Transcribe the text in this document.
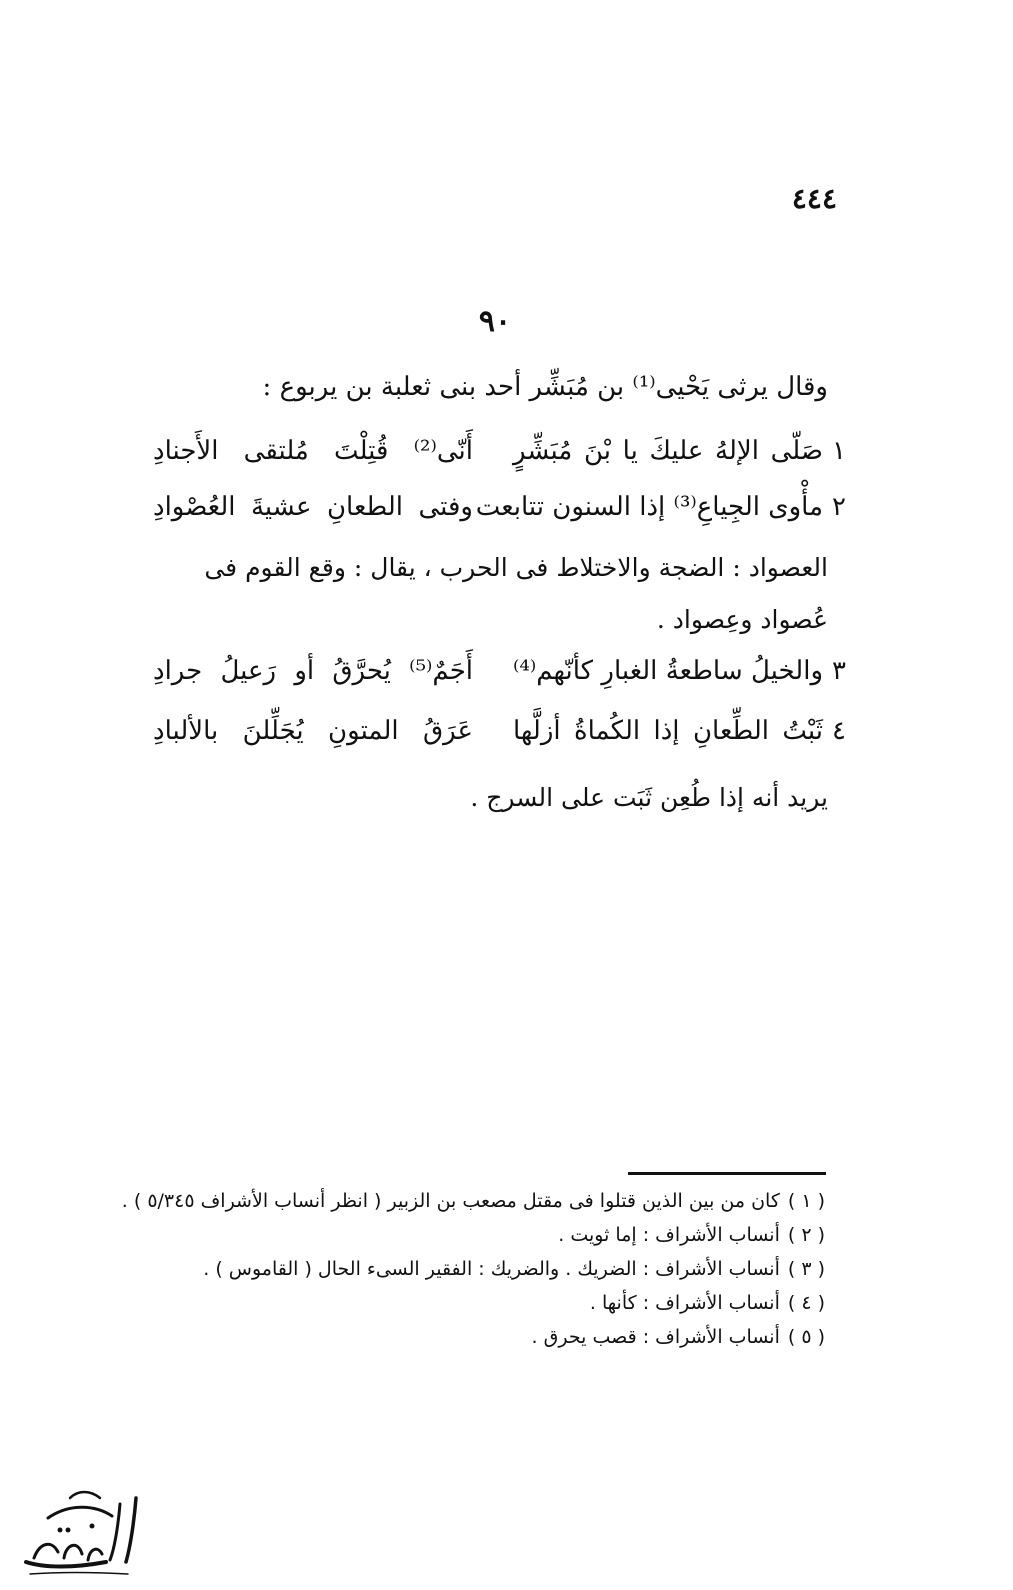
٤٤٤

٩٠
وقال يرثى يَحْيى⁽¹⁾ بن مُبَشِّر أحد بنى ثعلبة بن يربوع :
١
صَلّى الإلهُ عليكَ يا بْنَ مُبَشِّرٍ
أَنّى⁽²⁾ قُتِلْتَ مُلتقى الأَجنادِ
٢
مأْوى الجِياعِ⁽³⁾ إذا السنون تتابعت
وفتى الطعانِ عشيةَ العُصْوادِ
العصواد : الضجة والاختلاط فى الحرب ، يقال : وقع القوم فى عُصواد وعِصواد .
٣
والخيلُ ساطعةُ الغبارِ كأنّهم⁽⁴⁾
أَجَمٌ⁽⁵⁾ يُحرَّقُ أو رَعيلُ جرادِ
٤
ثَبْتُ الطِّعانِ إذا الكُماةُ أزلَّها
عَرَقُ المتونِ يُجَلِّلنَ بالألبادِ
يريد أنه إذا طُعِن ثَبَت على السرج .
( ١ )كان من بين الذين قتلوا فى مقتل مصعب بن الزبير ( انظر أنساب الأشراف ٥/٣٤٥ ) .
( ٢ )أنساب الأشراف : إما ثويت .
( ٣ )أنساب الأشراف : الضريك . والضريك : الفقير السىء الحال ( القاموس ) .
( ٤ )أنساب الأشراف : كأنها .
( ٥ )أنساب الأشراف : قصب يحرق .
